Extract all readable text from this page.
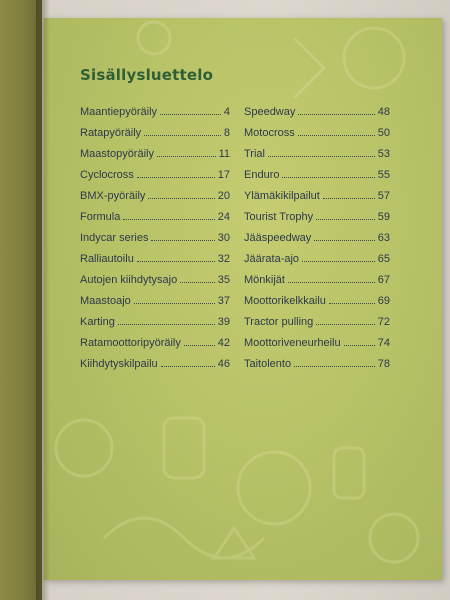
Sisällysluettelo
Maantiepyöräily	4
Ratapyöräily	8
Maastopyöräily	11
Cyclocross	17
BMX-pyöräily	20
Formula	24
Indycar series	30
Ralliautoilu	32
Autojen kiihdytysajo	35
Maastoajo	37
Karting	39
Ratamoottoripyöräily	42
Kiihdytyskilpailu	46
Speedway	48
Motocross	50
Trial	53
Enduro	55
Ylämäkikilpailut	57
Tourist Trophy	59
Jääspeedway	63
Jäärata-ajo	65
Mönkijät	67
Moottorikelkkailu	69
Tractor pulling	72
Moottoriveneurheilu	74
Taitolento	78
